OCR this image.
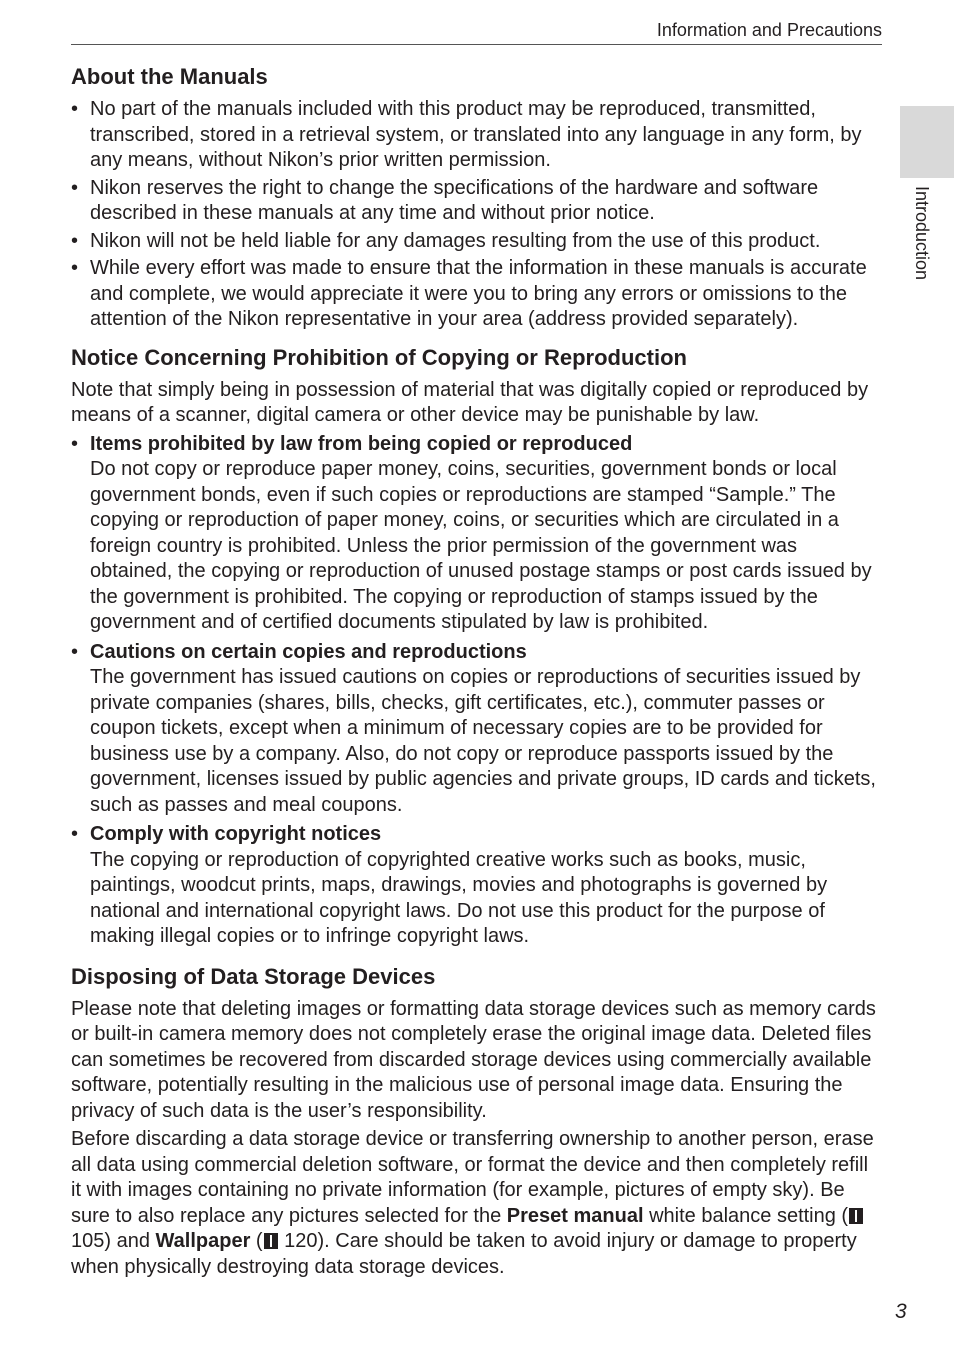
Information and Precautions
Introduction
About the Manuals
• No part of the manuals included with this product may be reproduced, transmitted, transcribed, stored in a retrieval system, or translated into any language in any form, by any means, without Nikon’s prior written permission.
• Nikon reserves the right to change the specifications of the hardware and software described in these manuals at any time and without prior notice.
• Nikon will not be held liable for any damages resulting from the use of this product.
• While every effort was made to ensure that the information in these manuals is accurate and complete, we would appreciate it were you to bring any errors or omissions to the attention of the Nikon representative in your area (address provided separately).
Notice Concerning Prohibition of Copying or Reproduction

Note that simply being in possession of material that was digitally copied or reproduced by means of a scanner, digital camera or other device may be punishable by law.

• Items prohibited by law from being copied or reproduced
Do not copy or reproduce paper money, coins, securities, government bonds or local government bonds, even if such copies or reproductions are stamped “Sample.” The copying or reproduction of paper money, coins, or securities which are circulated in a foreign country is prohibited. Unless the prior permission of the government was obtained, the copying or reproduction of unused postage stamps or post cards issued by the government is prohibited. The copying or reproduction of stamps issued by the government and of certified documents stipulated by law is prohibited.
• Cautions on certain copies and reproductions
The government has issued cautions on copies or reproductions of securities issued by private companies (shares, bills, checks, gift certificates, etc.), commuter passes or coupon tickets, except when a minimum of necessary copies are to be provided for business use by a company. Also, do not copy or reproduce passports issued by the government, licenses issued by public agencies and private groups, ID cards and tickets, such as passes and meal coupons.
• Comply with copyright notices
The copying or reproduction of copyrighted creative works such as books, music, paintings, woodcut prints, maps, drawings, movies and photographs is governed by national and international copyright laws. Do not use this product for the purpose of making illegal copies or to infringe copyright laws.
Disposing of Data Storage Devices

Please note that deleting images or formatting data storage devices such as memory cards or built-in camera memory does not completely erase the original image data. Deleted files can sometimes be recovered from discarded storage devices using commercially available software, potentially resulting in the malicious use of personal image data. Ensuring the privacy of such data is the user’s responsibility.

Before discarding a data storage device or transferring ownership to another person, erase all data using commercial deletion software, or format the device and then completely refill it with images containing no private information (for example, pictures of empty sky). Be sure to also replace any pictures selected for the Preset manual white balance setting ( 105) and Wallpaper ( 120). Care should be taken to avoid injury or damage to property when physically destroying data storage devices.

3
